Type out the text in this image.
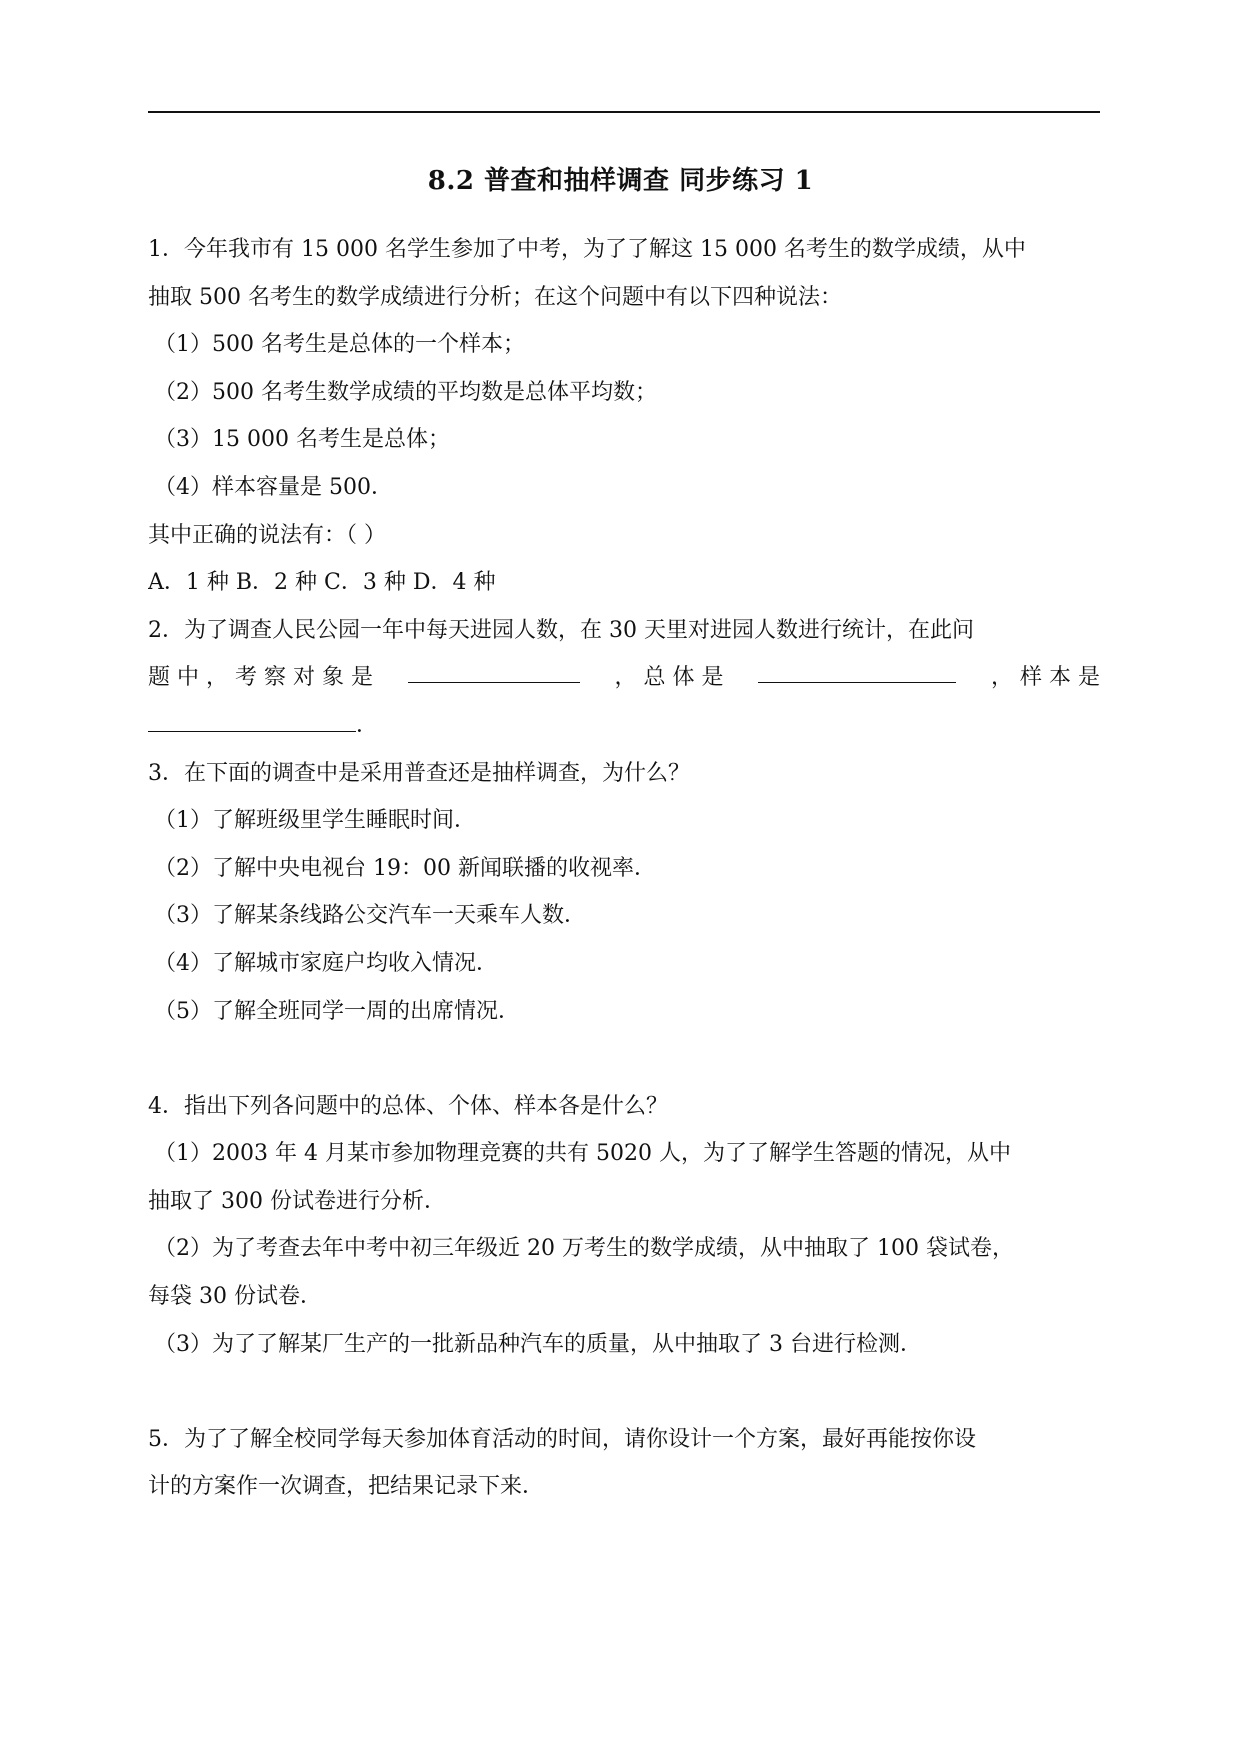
8.2 普查和抽样调查 同步练习 1
1．今年我市有 15 000 名学生参加了中考，为了了解这 15 000 名考生的数学成绩，从中
抽取 500 名考生的数学成绩进行分析；在这个问题中有以下四种说法：
（1）500 名考生是总体的一个样本；
（2）500 名考生数学成绩的平均数是总体平均数；
（3）15 000 名考生是总体；
（4）样本容量是 500．
其中正确的说法有：（ ）
A．1 种 B．2 种 C．3 种 D．4 种
2．为了调查人民公园一年中每天进园人数，在 30 天里对进园人数进行统计，在此问
题 中 ， 考 察 对 象 是	， 总 体 是	， 样 本 是
．
3．在下面的调查中是采用普查还是抽样调查，为什么？
（1）了解班级里学生睡眠时间．
（2）了解中央电视台 19：00 新闻联播的收视率．
（3）了解某条线路公交汽车一天乘车人数．
（4）了解城市家庭户均收入情况．
（5）了解全班同学一周的出席情况．
4．指出下列各问题中的总体、个体、样本各是什么？
（1）2003 年 4 月某市参加物理竞赛的共有 5020 人，为了了解学生答题的情况，从中
抽取了 300 份试卷进行分析．
（2）为了考查去年中考中初三年级近 20 万考生的数学成绩，从中抽取了 100 袋试卷，
每袋 30 份试卷．
（3）为了了解某厂生产的一批新品种汽车的质量，从中抽取了 3 台进行检测．
5．为了了解全校同学每天参加体育活动的时间，请你设计一个方案，最好再能按你设
计的方案作一次调查，把结果记录下来．
